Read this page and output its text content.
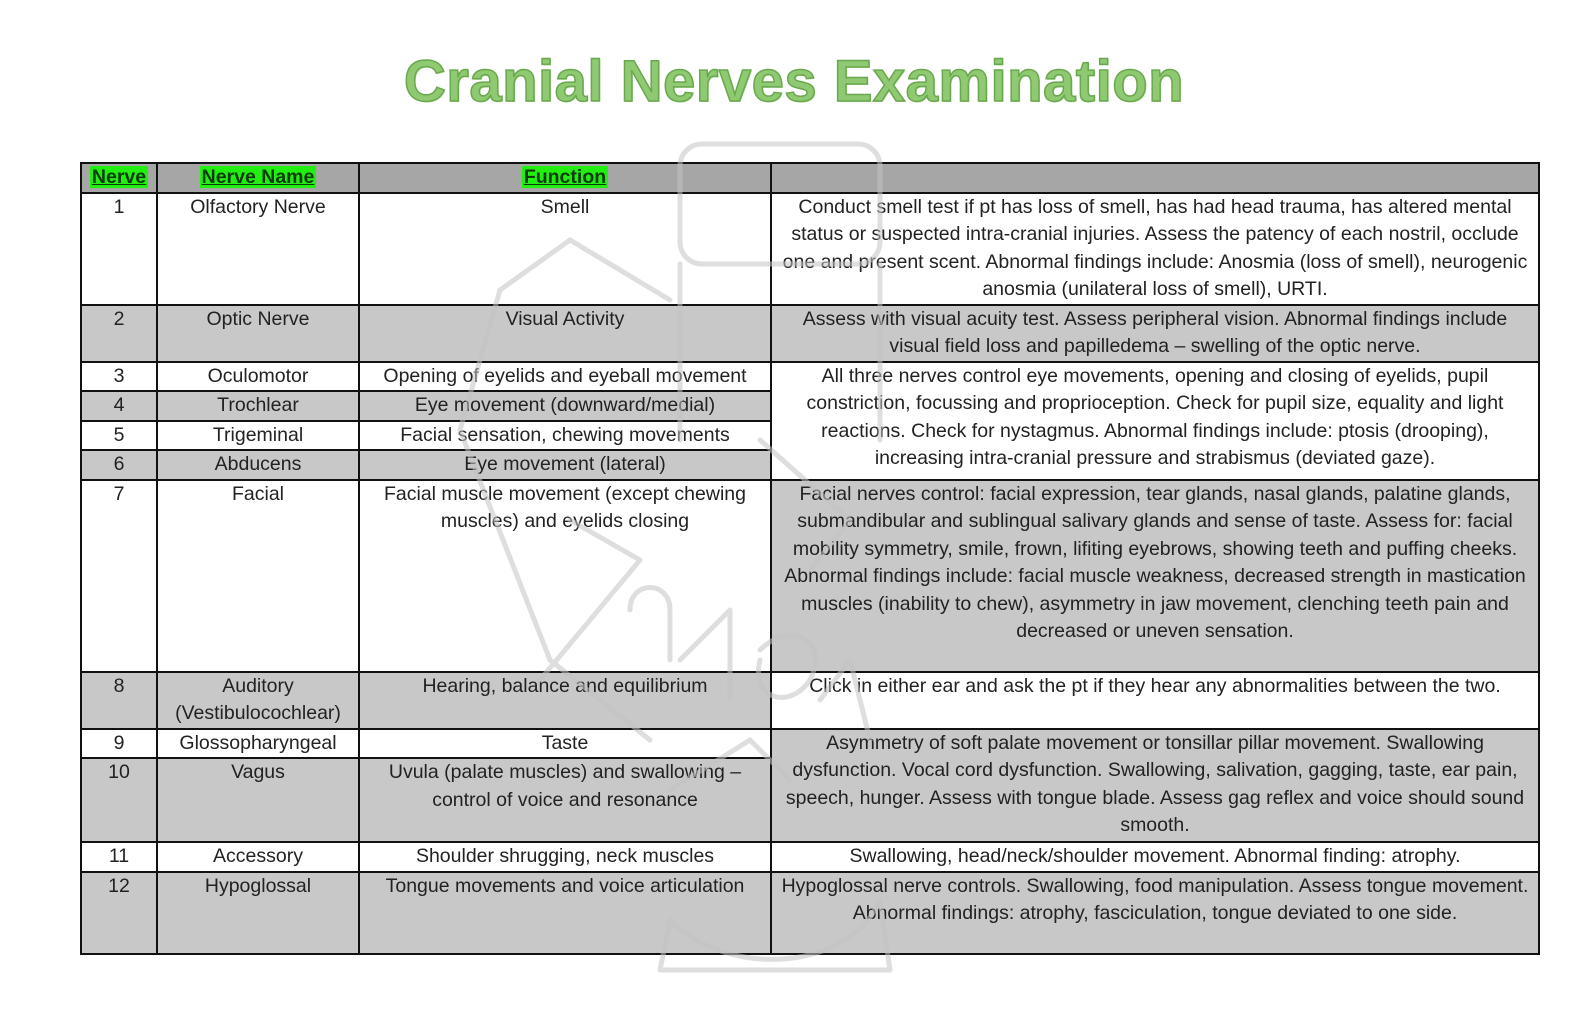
Cranial Nerves Examination
Nerve	Nerve Name	Function	
1	Olfactory Nerve	Smell	Conduct smell test if pt has loss of smell, has had head trauma, has altered mental status or suspected intra-cranial injuries. Assess the patency of each nostril, occlude one and present scent. Abnormal findings include: Anosmia (loss of smell), neurogenic anosmia (unilateral loss of smell), URTI.
2	Optic Nerve	Visual Activity	Assess with visual acuity test. Assess peripheral vision. Abnormal findings include visual field loss and papilledema – swelling of the optic nerve.
3	Oculomotor	Opening of eyelids and eyeball movement	All three nerves control eye movements, opening and closing of eyelids, pupil constriction, focussing and proprioception. Check for pupil size, equality and light reactions. Check for nystagmus. Abnormal findings include: ptosis (drooping), increasing intra-cranial pressure and strabismus (deviated gaze).
4	Trochlear	Eye movement (downward/medial)	
5	Trigeminal	Facial sensation, chewing movements	
6	Abducens	Eye movement (lateral)	
7	Facial	Facial muscle movement (except chewing muscles) and eyelids closing	Facial nerves control: facial expression, tear glands, nasal glands, palatine glands, submandibular and sublingual salivary glands and sense of taste. Assess for: facial mobility symmetry, smile, frown, lifiting eyebrows, showing teeth and puffing cheeks. Abnormal findings include: facial muscle weakness, decreased strength in mastication muscles (inability to chew), asymmetry in jaw movement, clenching teeth pain and decreased or uneven sensation.
8	Auditory (Vestibulocochlear)	Hearing, balance and equilibrium	Click in either ear and ask the pt if they hear any abnormalities between the two.
9	Glossopharyngeal	Taste	Asymmetry of soft palate movement or tonsillar pillar movement. Swallowing dysfunction. Vocal cord dysfunction. Swallowing, salivation, gagging, taste, ear pain, speech, hunger. Assess with tongue blade. Assess gag reflex and voice should sound smooth.
10	Vagus	Uvula (palate muscles) and swallowing – control of voice and resonance	
11	Accessory	Shoulder shrugging, neck muscles	Swallowing, head/neck/shoulder movement. Abnormal finding: atrophy.
12	Hypoglossal	Tongue movements and voice articulation	Hypoglossal nerve controls. Swallowing, food manipulation. Assess tongue movement. Abnormal findings: atrophy, fasciculation, tongue deviated to one side.
